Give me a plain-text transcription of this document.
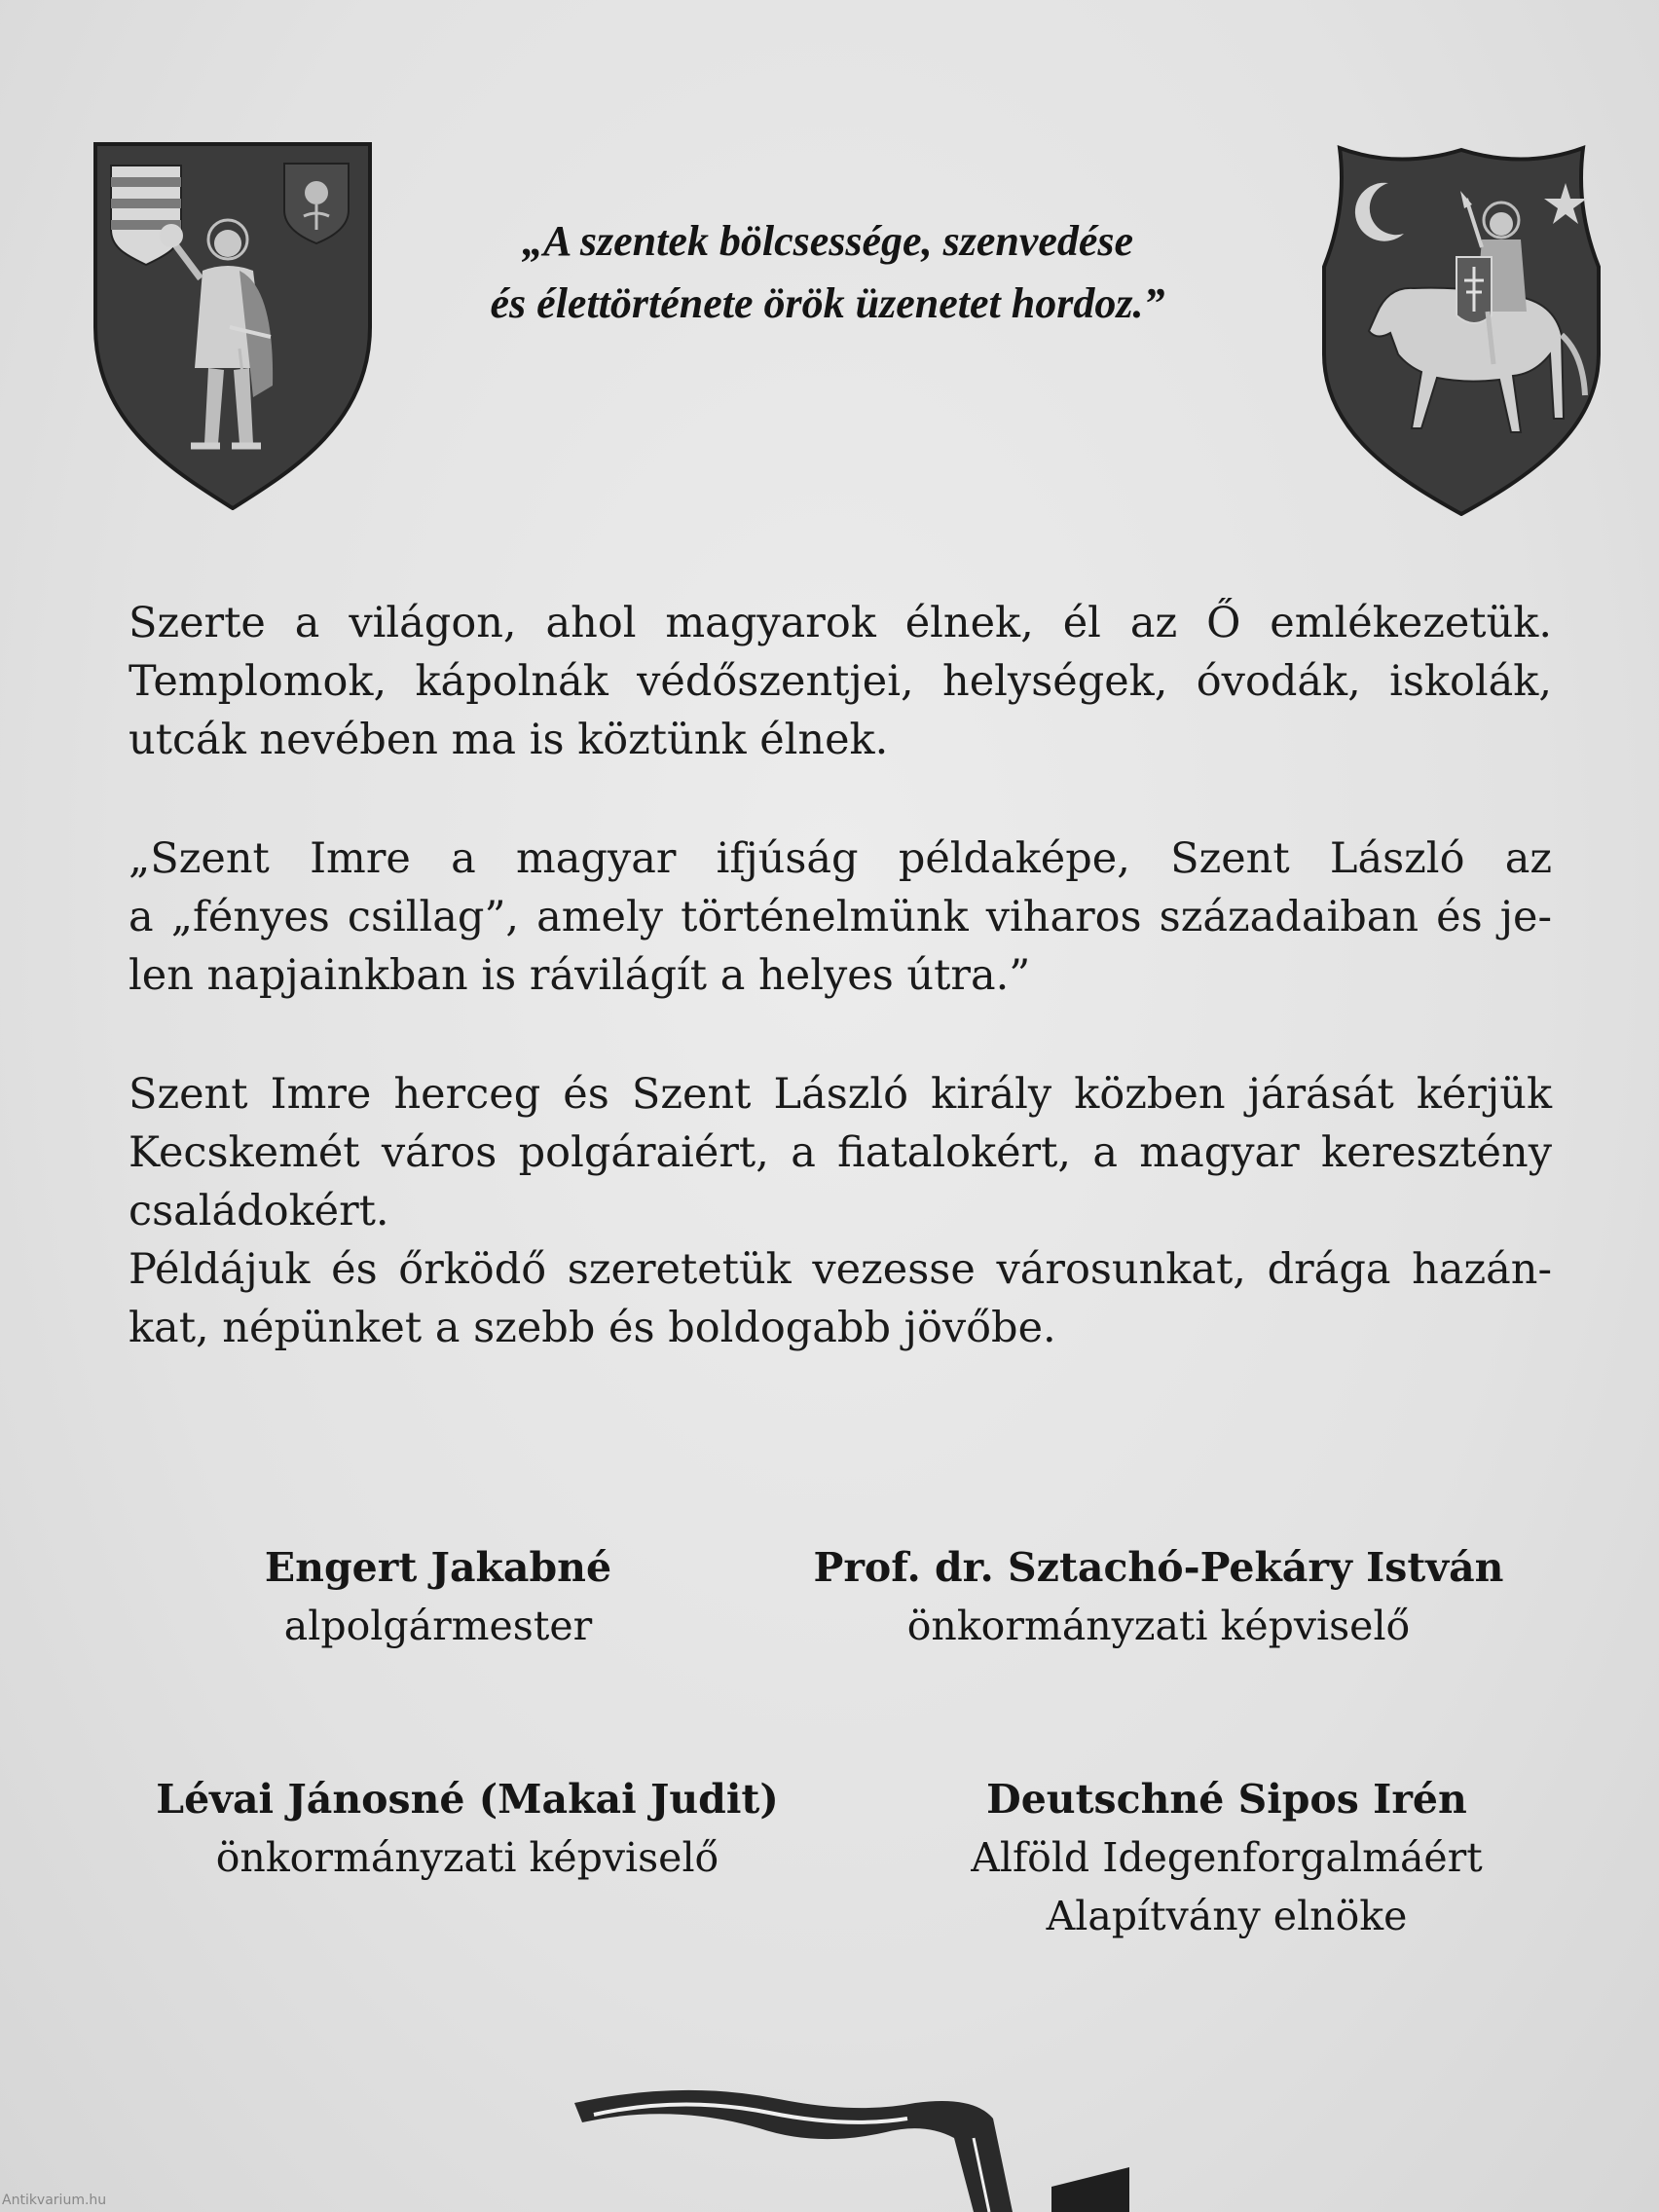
„A szentek bölcsessége, szenvedése
és élettörténete örök üzenetet hordoz.”
Szerte a világon, ahol magyarok élnek, él az Ő emlékezetük.
Templomok, kápolnák védőszentjei, helységek, óvodák, iskolák,
utcák nevében ma is köztünk élnek.
„Szent Imre a magyar ifjúság példaképe, Szent László az
a „fényes csillag”, amely történelmünk viharos századaiban és je-
len napjainkban is rávilágít a helyes útra.”
Szent Imre herceg és Szent László király közben járását kérjük
Kecskemét város polgáraiért, a fiatalokért, a magyar keresztény
családokért.
Példájuk és őrködő szeretetük vezesse városunkat, drága hazán-
kat, népünket a szebb és boldogabb jövőbe.
Engert Jakabné
alpolgármester
Prof. dr. Sztachó-Pekáry István
önkormányzati képviselő
Lévai Jánosné (Makai Judit)
önkormányzati képviselő
Deutschné Sipos Irén
Alföld Idegenforgalmáért
Alapítvány elnöke
Antikvarium.hu
